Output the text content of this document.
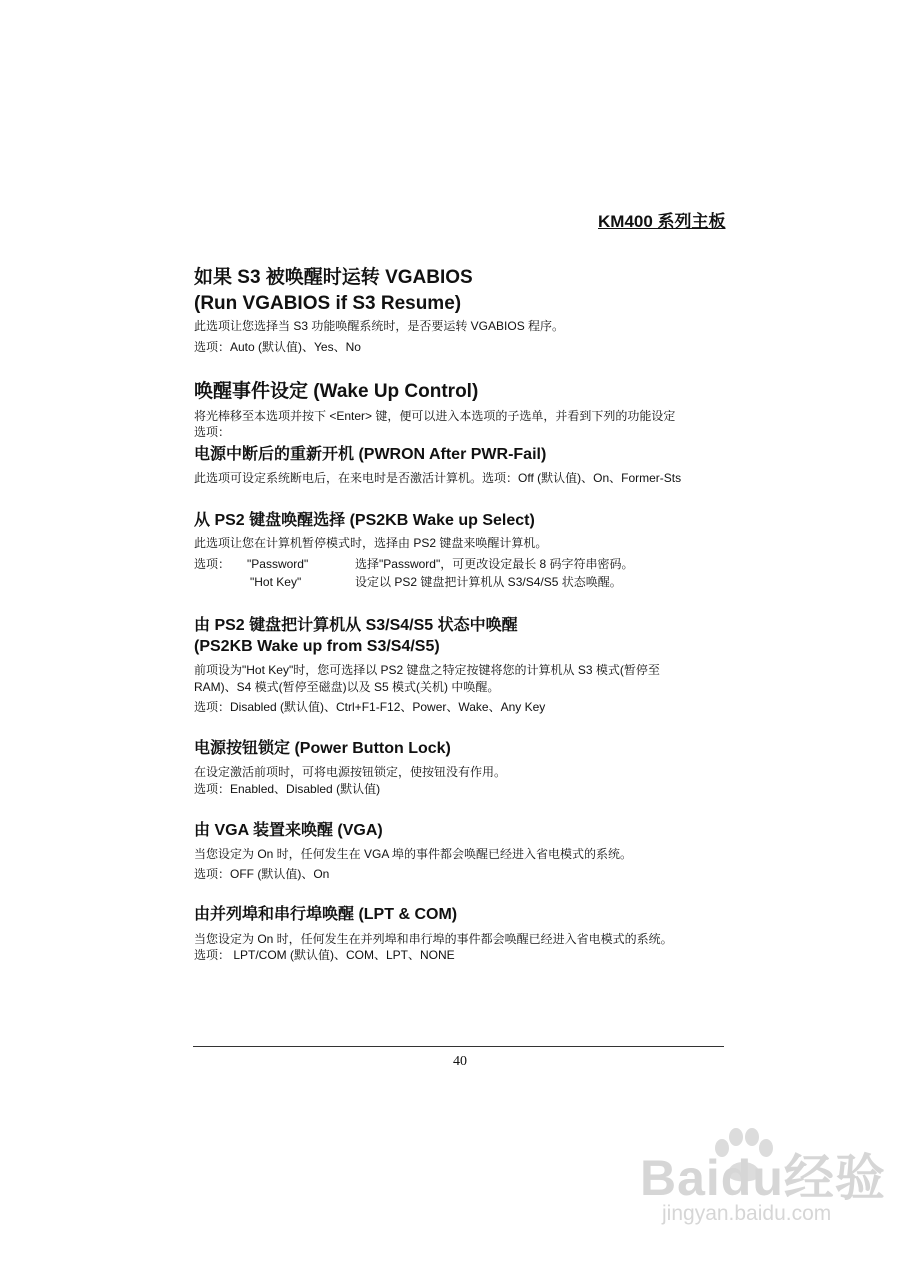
KM400 系列主板
如果 S3 被唤醒时运转 VGABIOS
(Run VGABIOS if S3 Resume)
此选项让您选择当 S3 功能唤醒系统时，是否要运转 VGABIOS 程序。
选项：Auto (默认值)、Yes、No
唤醒事件设定 (Wake Up Control)
将光棒移至本选项并按下 <Enter> 键，便可以进入本选项的子选单，并看到下列的功能设定
选项：
电源中断后的重新开机 (PWRON After PWR-Fail)
此选项可设定系统断电后，在来电时是否激活计算机。选项：Off (默认值)、On、Former-Sts
从 PS2 键盘唤醒选择 (PS2KB Wake up Select)
此选项让您在计算机暂停模式时，选择由 PS2 键盘来唤醒计算机。
选项： "Password"	选择"Password"，可更改设定最长 8 码字符串密码。
"Hot Key"	设定以 PS2 键盘把计算机从 S3/S4/S5 状态唤醒。
由 PS2 键盘把计算机从 S3/S4/S5 状态中唤醒
(PS2KB Wake up from S3/S4/S5)
前项设为"Hot Key"时，您可选择以 PS2 键盘之特定按键将您的计算机从 S3 模式(暂停至
RAM)、S4 模式(暂停至磁盘)以及 S5 模式(关机) 中唤醒。
选项：Disabled (默认值)、Ctrl+F1-F12、Power、Wake、Any Key
电源按钮锁定 (Power Button Lock)
在设定激活前项时，可将电源按钮锁定，使按钮没有作用。
选项：Enabled、Disabled (默认值)
由 VGA 装置来唤醒 (VGA)
当您设定为 On 时，任何发生在 VGA 埠的事件都会唤醒已经进入省电模式的系统。
选项：OFF (默认值)、On
由并列埠和串行埠唤醒 (LPT & COM)
当您设定为 On 时，任何发生在并列埠和串行埠的事件都会唤醒已经进入省电模式的系统。
选项： LPT/COM (默认值)、COM、LPT、NONE
40
Baidu经验
jingyan.baidu.com
